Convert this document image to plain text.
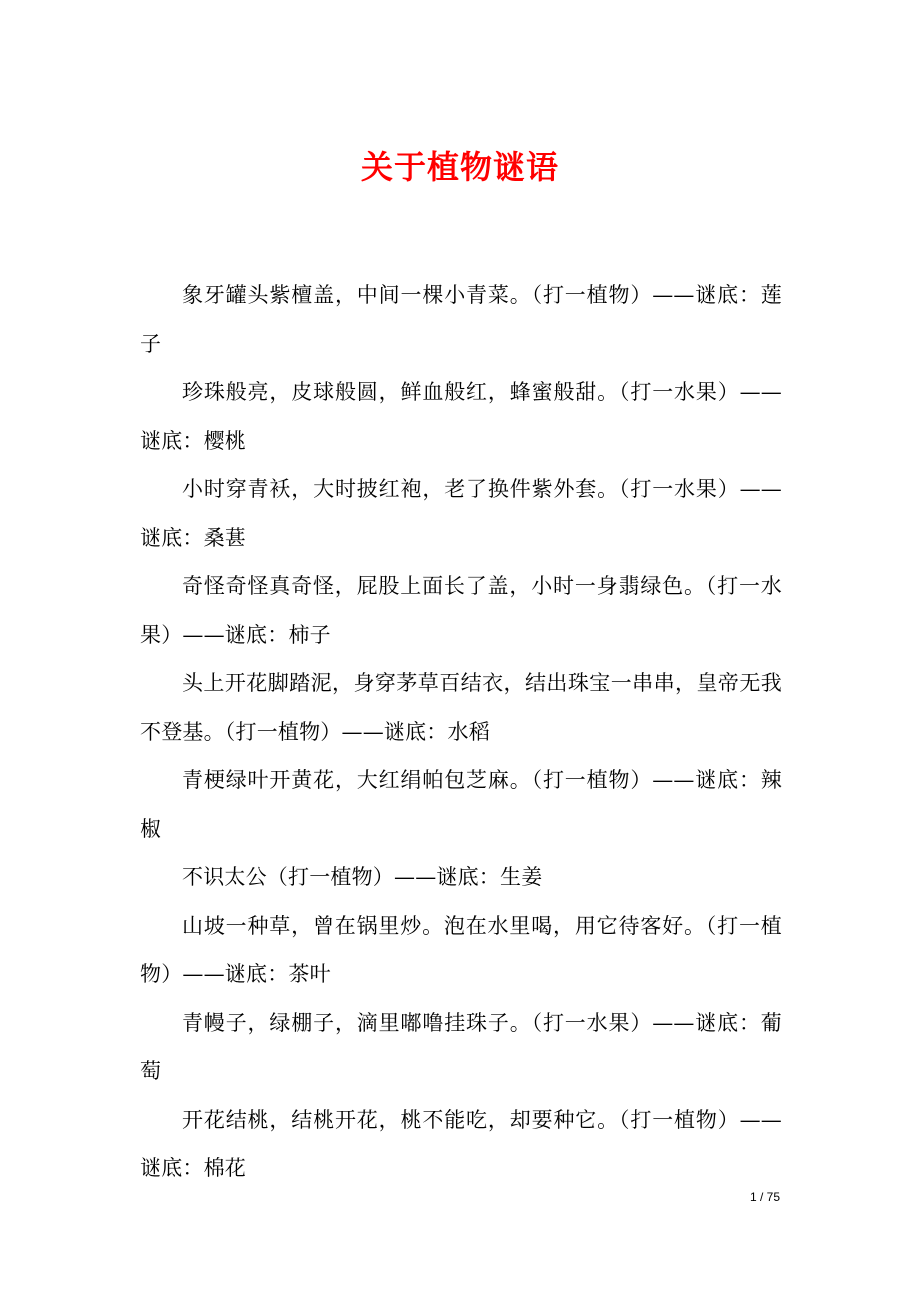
关于植物谜语

象牙罐头紫檀盖，中间一棵小青菜。（打一植物）——谜底：莲子

珍珠般亮，皮球般圆，鲜血般红，蜂蜜般甜。（打一水果）——谜底：樱桃

小时穿青袄，大时披红袍，老了换件紫外套。（打一水果）——谜底：桑葚

奇怪奇怪真奇怪，屁股上面长了盖，小时一身翡绿色。（打一水果）——谜底：柿子

头上开花脚踏泥，身穿茅草百结衣，结出珠宝一串串，皇帝无我不登基。（打一植物）——谜底：水稻

青梗绿叶开黄花，大红绢帕包芝麻。（打一植物）——谜底：辣椒

不识太公（打一植物）——谜底：生姜

山坡一种草，曾在锅里炒。泡在水里喝，用它待客好。（打一植物）——谜底：茶叶

青幔子，绿棚子，滴里嘟噜挂珠子。（打一水果）——谜底：葡萄

开花结桃，结桃开花，桃不能吃，却要种它。（打一植物）——谜底：棉花

1 / 75
